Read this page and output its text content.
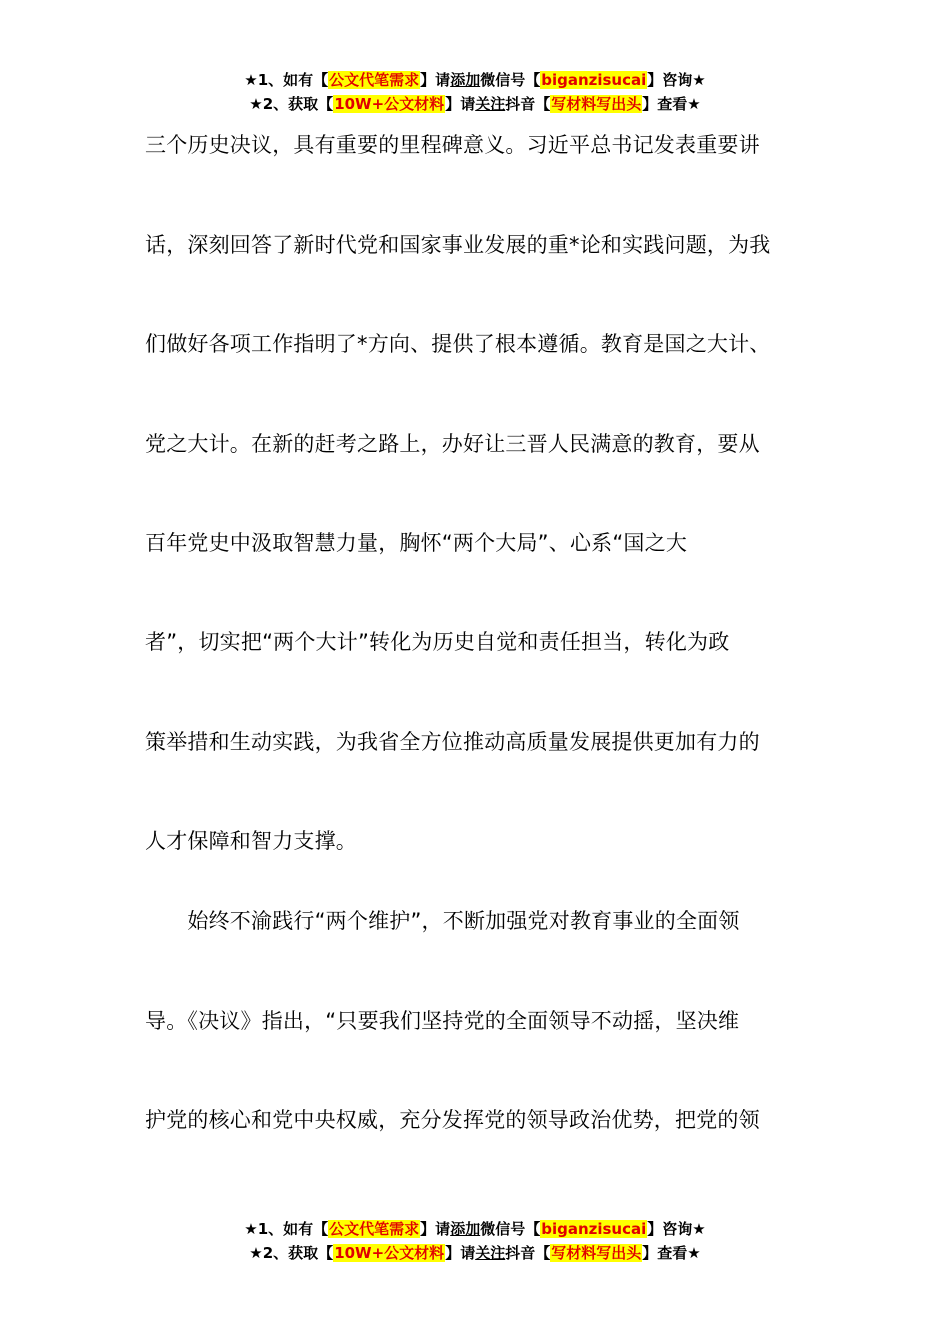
★1、如有【公文代笔需求】请添加微信号【biganzisucai】咨询★
★2、获取【10W+公文材料】请关注抖音【写材料写出头】查看★
三个历史决议，具有重要的里程碑意义。习近平总书记发表重要讲
话，深刻回答了新时代党和国家事业发展的重*论和实践问题，为我
们做好各项工作指明了*方向、提供了根本遵循。教育是国之大计、
党之大计。在新的赶考之路上，办好让三晋人民满意的教育，要从
百年党史中汲取智慧力量，胸怀“两个大局”、心系“国之大
者”，切实把“两个大计”转化为历史自觉和责任担当，转化为政
策举措和生动实践，为我省全方位推动高质量发展提供更加有力的
人才保障和智力支撑。
　　始终不渝践行“两个维护”，不断加强党对教育事业的全面领
导。《决议》指出，“只要我们坚持党的全面领导不动摇，坚决维
护党的核心和党中央权威，充分发挥党的领导政治优势，把党的领
★1、如有【公文代笔需求】请添加微信号【biganzisucai】咨询★
★2、获取【10W+公文材料】请关注抖音【写材料写出头】查看★
